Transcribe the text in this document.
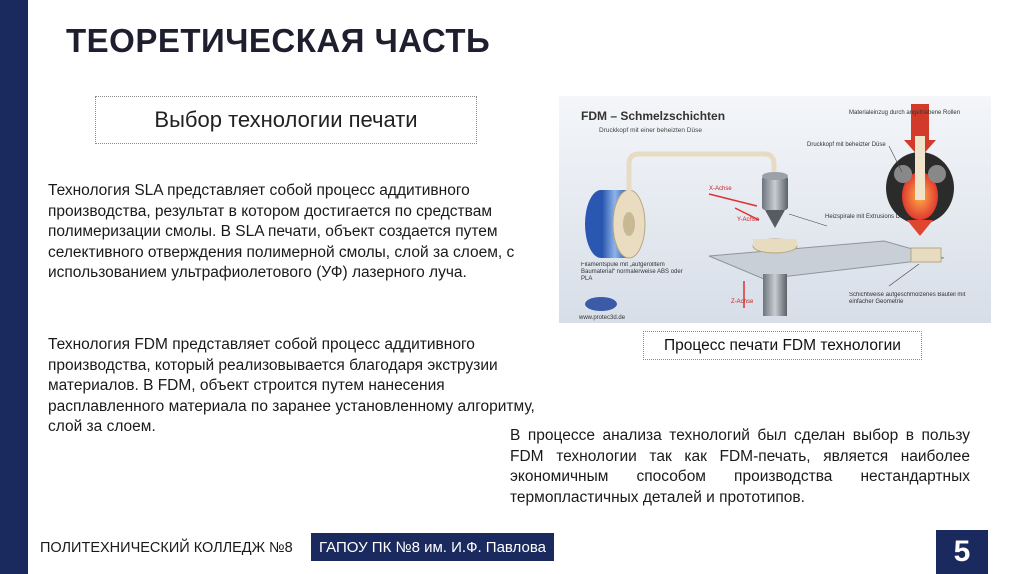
ТЕОРЕТИЧЕСКАЯ ЧАСТЬ
Выбор технологии печати
Технология SLA представляет собой процесс аддитивного производства, результат в котором достигается по средствам полимеризации смолы. В SLA печати, объект создается путем селективного отверждения полимерной смолы, слой за слоем, с использованием ультрафиолетового (УФ) лазерного луча.
Технология FDM представляет собой процесс аддитивного производства, который реализовывается благодаря экструзии материалов. В FDM, объект строится путем нанесения расплавленного материала по заранее установленному алгоритму, слой за слоем.
В процессе анализа технологий был сделан выбор в пользу FDM технологии так как FDM-печать, является наиболее экономичным способом производства нестандартных термопластичных деталей и прототипов.
FDM – Schmelzschichten
Druckkopf mit einer beheizten Düse
X-Achse
Y-Achse
Z-Achse
Materialeinzug durch angetriebene Rollen
Druckkopf mit beheizter Düse
Heizspirale mit Extrusions Düse
Filamentspule mit „aufgerolltem Baumaterial“ normalerweise ABS oder PLA
Schichtweise aufgeschmolzenes Bauteil mit einfacher Geometrie
www.protec3d.de
Процесс печати FDM технологии
ПОЛИТЕХНИЧЕСКИЙ КОЛЛЕДЖ №8 ГАПОУ ПК №8 им. И.Ф. Павлова	5
